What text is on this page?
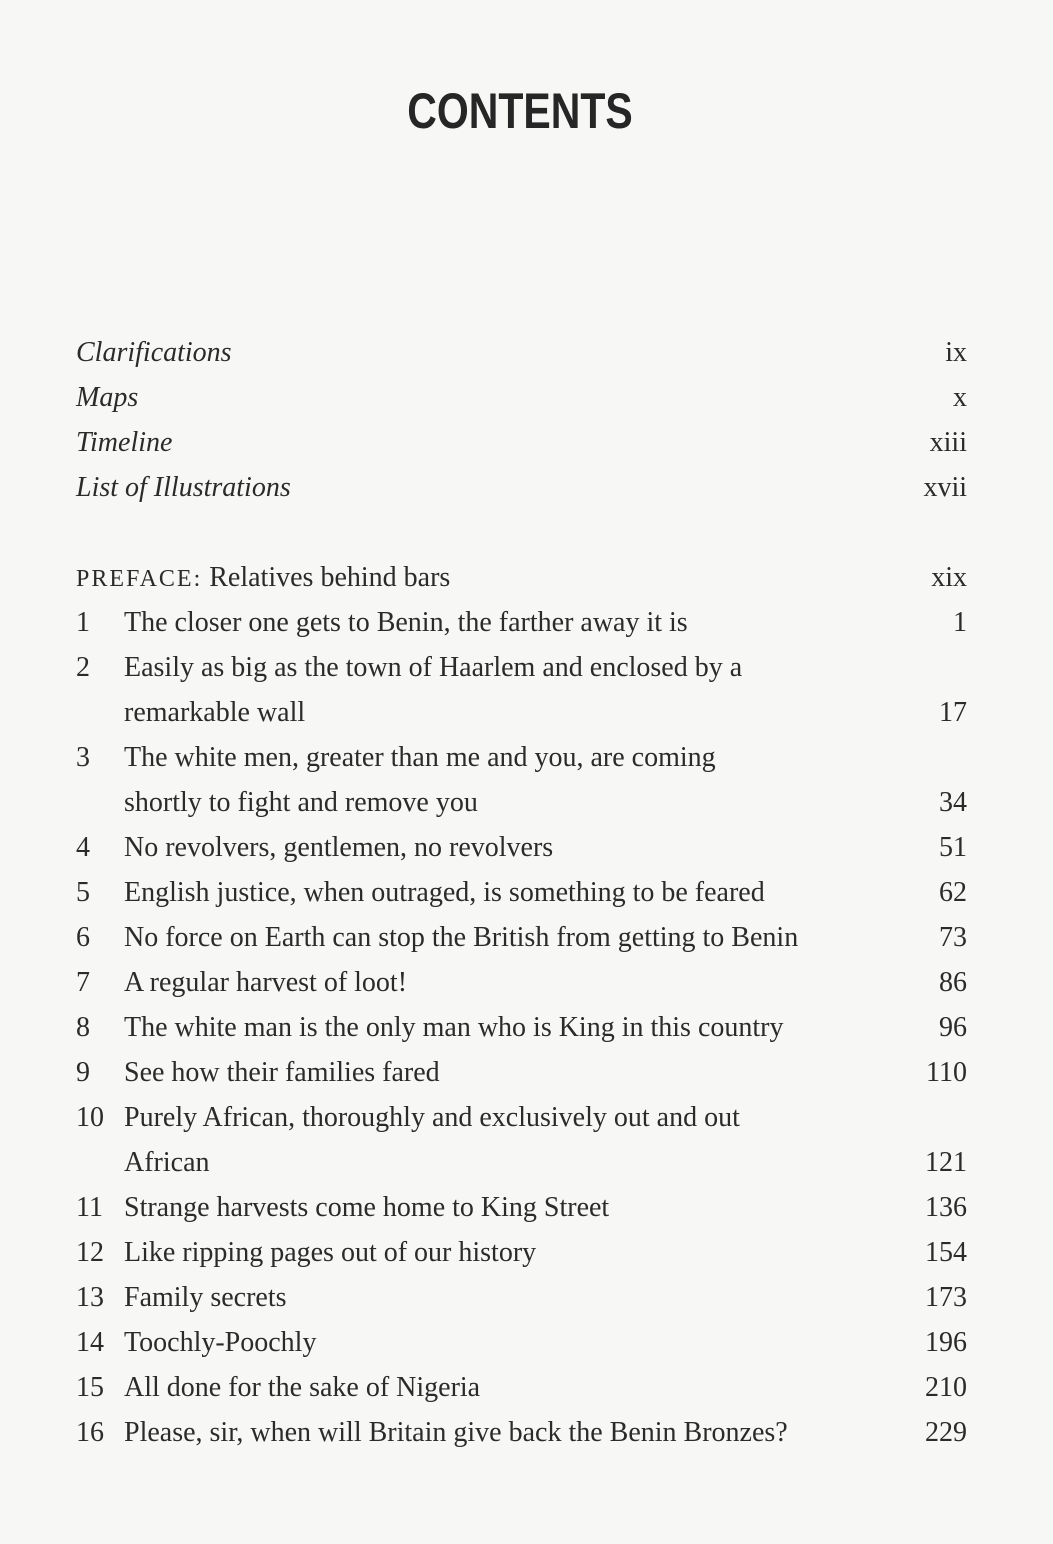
CONTENTS
Clarifications	ix
Maps	x
Timeline	xiii
List of Illustrations	xvii
PREFACE: Relatives behind bars	xix
1	The closer one gets to Benin, the farther away it is	1
2	Easily as big as the town of Haarlem and enclosed by a
remarkable wall	17
3	The white men, greater than me and you, are coming
shortly to fight and remove you	34
4	No revolvers, gentlemen, no revolvers	51
5	English justice, when outraged, is something to be feared	62
6	No force on Earth can stop the British from getting to Benin	73
7	A regular harvest of loot!	86
8	The white man is the only man who is King in this country	96
9	See how their families fared	110
10 Purely African, thoroughly and exclusively out and out
African	121
11 Strange harvests come home to King Street	136
12 Like ripping pages out of our history	154
13 Family secrets	173
14 Toochly-Poochly	196
15 All done for the sake of Nigeria	210
16 Please, sir, when will Britain give back the Benin Bronzes?	229
